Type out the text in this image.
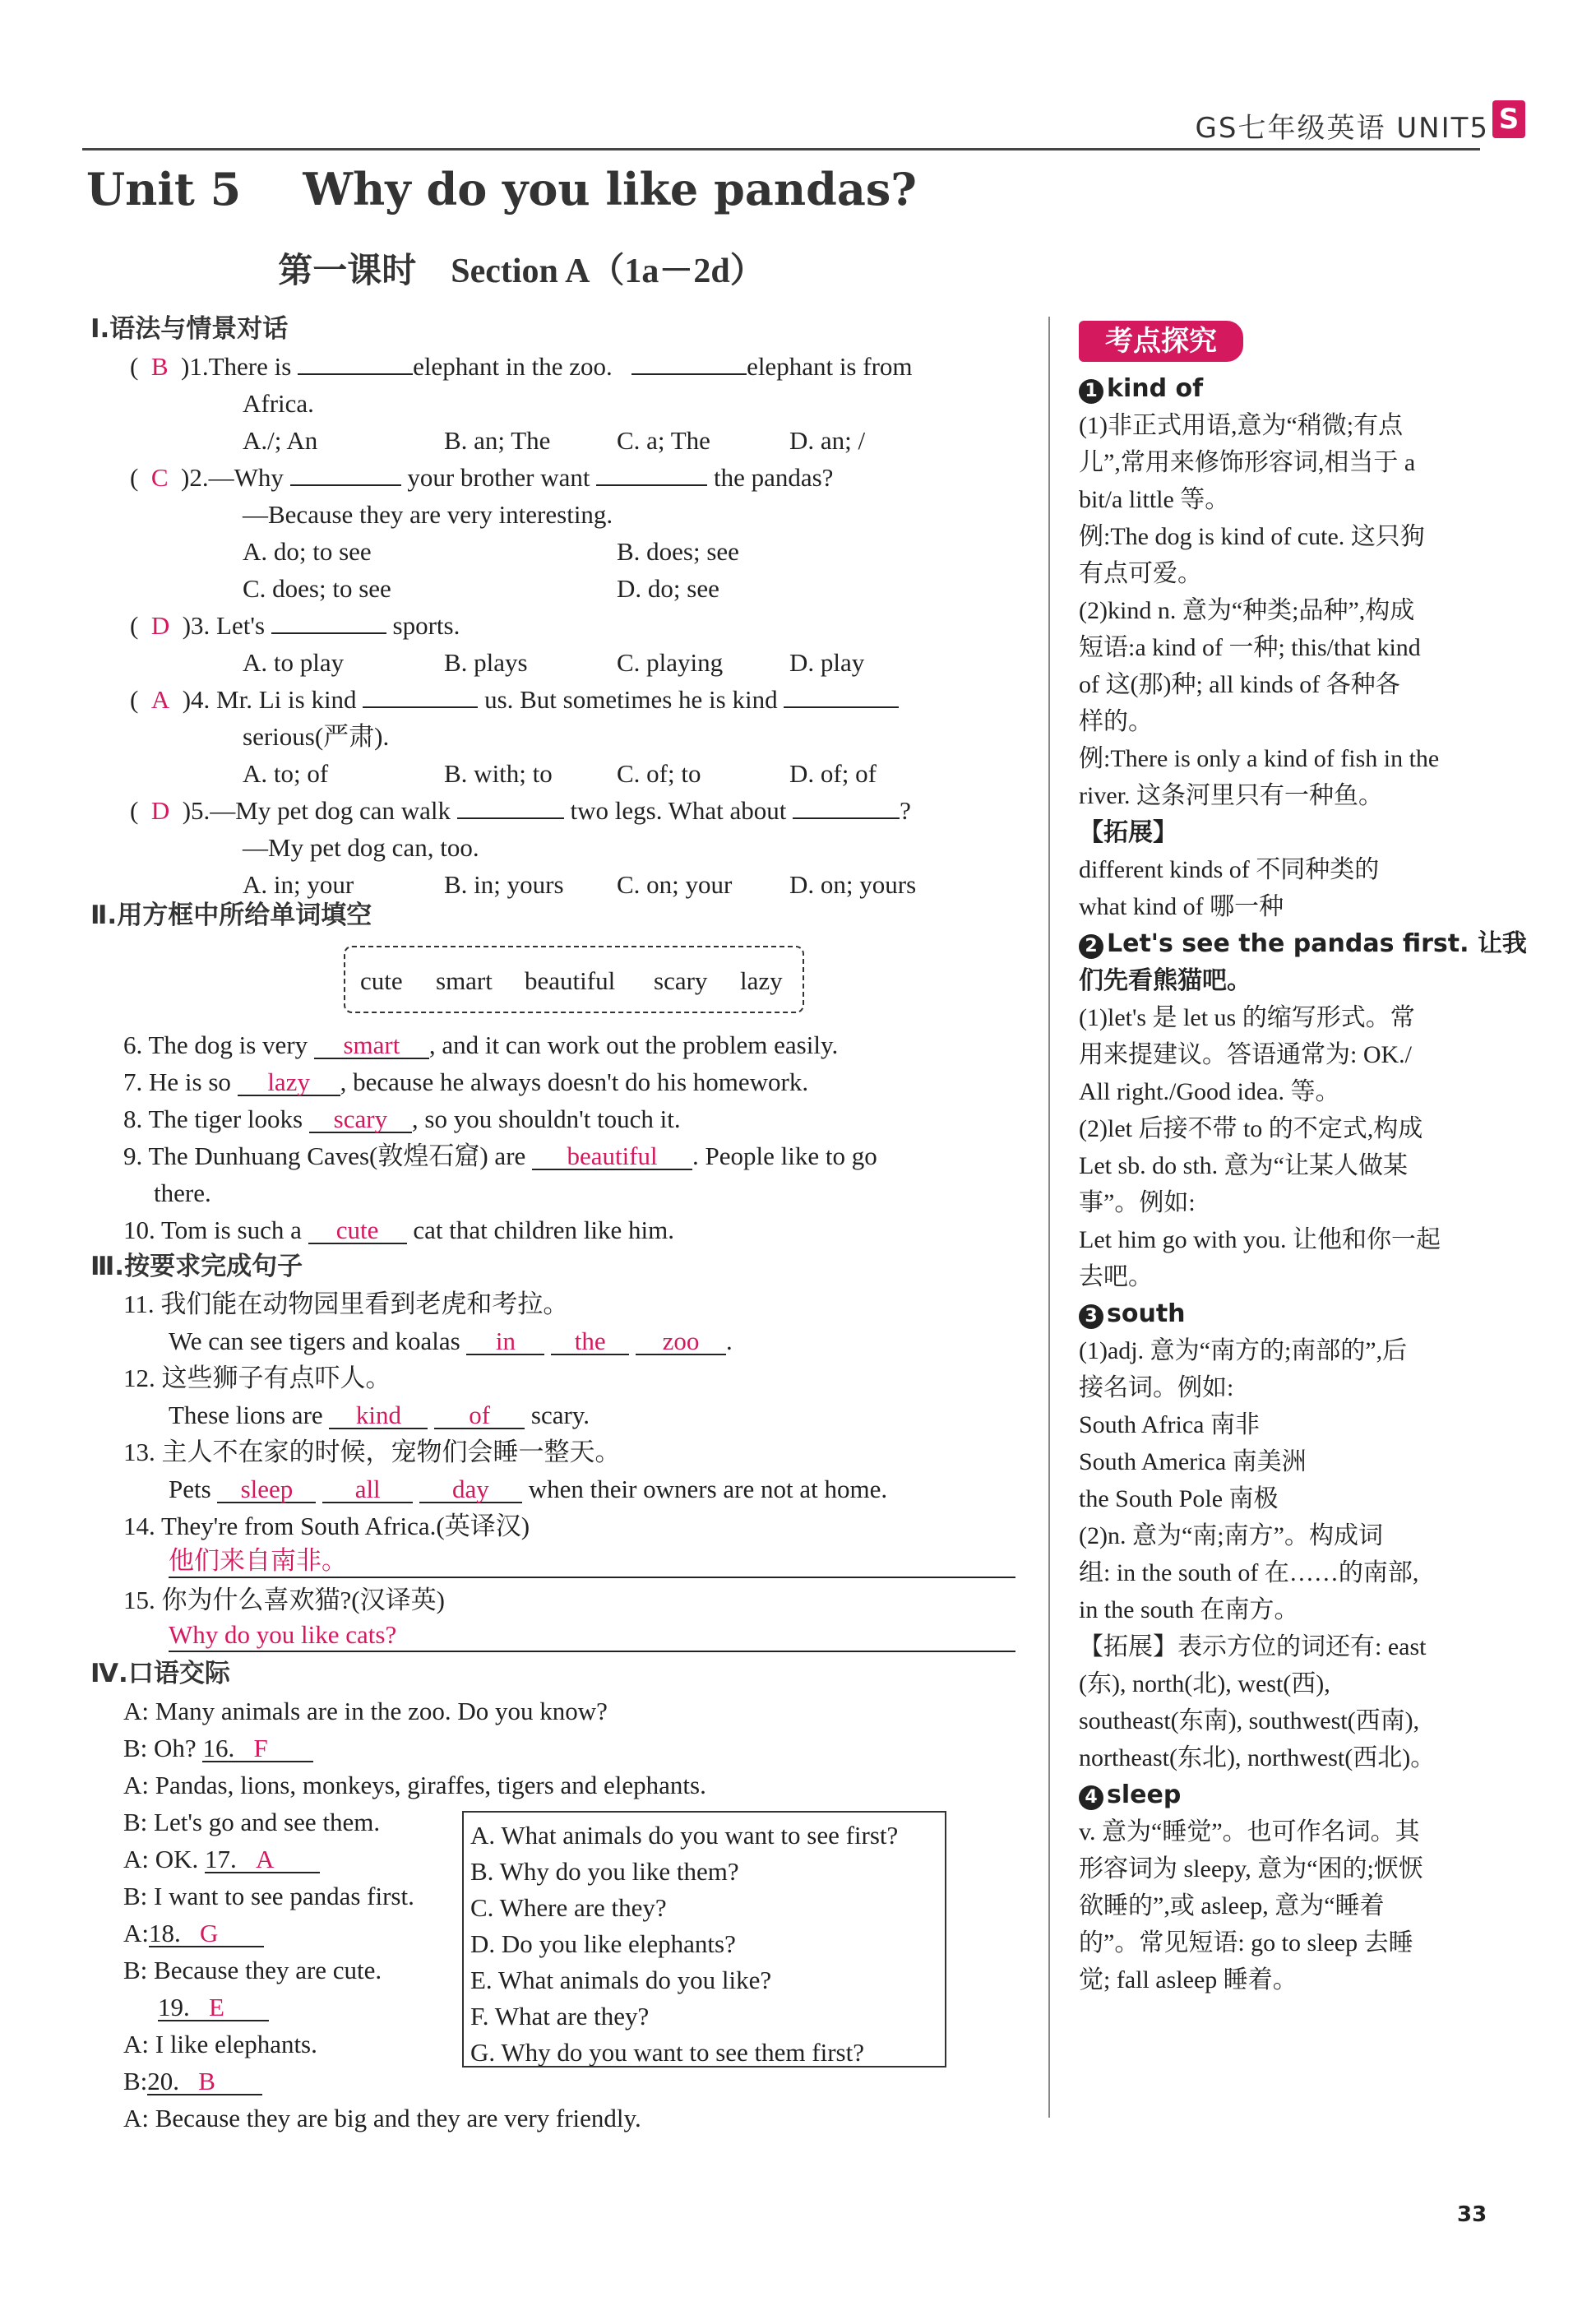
GS七年级英语 UNIT5 S
Unit 5    Why do you like pandas?
第一课时    Section A（1a－2d）
Ⅰ.语法与情景对话
(  B  )1.There is	elephant in the zoo.	elephant is from
Africa.
A./; An	B. an; The	C. a; The	D. an; /
(  C  )2.—Why	your brother want	the pandas?
—Because they are very interesting.
A. do; to see	B. does; see
C. does; to see	D. do; see
(  D  )3. Let's	sports.
A. to play	B. plays	C. playing	D. play
(  A  )4. Mr. Li is kind	us. But sometimes he is kind
serious(严肃).
A. to; of	B. with; to	C. of; to	D. of; of
(  D  )5.—My pet dog can walk	two legs. What about	?
—My pet dog can, too.
A. in; your	B. in; yours C. on; your D. on; yours
Ⅱ.用方框中所给单词填空
cute smart beautiful scary lazy
6. The dog is very smart , and it can work out the problem easily.
7. He is so lazy , because he always doesn't do his homework.
8. The tiger looks scary , so you shouldn't touch it.
9. The Dunhuang Caves(敦煌石窟) are beautiful . People like to go
there.
10. Tom is such a cute cat that children like him.
Ⅲ.按要求完成句子
11. 我们能在动物园里看到老虎和考拉。
We can see tigers and koalas in the zoo .
12. 这些狮子有点吓人。
These lions are kind	of scary.
13. 主人不在家的时候，宠物们会睡一整天。
Pets sleep all	day when their owners are not at home.
14. They're from South Africa.(英译汉)
他们来自南非。
15. 你为什么喜欢猫?(汉译英)
Why do you like cats?
Ⅳ.口语交际
A: Many animals are in the zoo. Do you know?
B: Oh? 16. F
A: Pandas, lions, monkeys, giraffes, tigers and elephants.
B: Let's go and see them.
A: OK. 17. A
B: I want to see pandas first.
A:18. G
B: Because they are cute.
19. E
A: I like elephants.
B:20. B
A: Because they are big and they are very friendly.
A. What animals do you want to see first?
B. Why do you like them?
C. Where are they?
D. Do you like elephants?
E. What animals do you like?
F. What are they?
G. Why do you want to see them first?
考点探究
1 kind of
(1)非正式用语,意为“稍微;有点
儿”,常用来修饰形容词,相当于 a
bit/a little 等。
例:The dog is kind of cute. 这只狗
有点可爱。
(2)kind n. 意为“种类;品种”,构成
短语:a kind of 一种; this/that kind
of 这(那)种; all kinds of 各种各
样的。
例:There is only a kind of fish in the
river. 这条河里只有一种鱼。
【拓展】
different kinds of 不同种类的
what kind of 哪一种
2 Let's see the pandas first. 让我
们先看熊猫吧。
(1)let's 是 let us 的缩写形式。常
用来提建议。答语通常为: OK./
All right./Good idea. 等。
(2)let 后接不带 to 的不定式,构成
Let sb. do sth. 意为“让某人做某
事”。例如:
Let him go with you. 让他和你一起
去吧。
3 south
(1)adj. 意为“南方的;南部的”,后
接名词。例如:
South Africa 南非
South America 南美洲
the South Pole 南极
(2)n. 意为“南;南方”。构成词
组: in the south of 在……的南部,
in the south 在南方。
【拓展】表示方位的词还有: east
(东), north(北), west(西),
southeast(东南), southwest(西南),
northeast(东北), northwest(西北)。
4 sleep
v. 意为“睡觉”。也可作名词。其
形容词为 sleepy, 意为“困的;恹恹
欲睡的”,或 asleep, 意为“睡着
的”。常见短语: go to sleep 去睡
觉; fall asleep 睡着。
33
